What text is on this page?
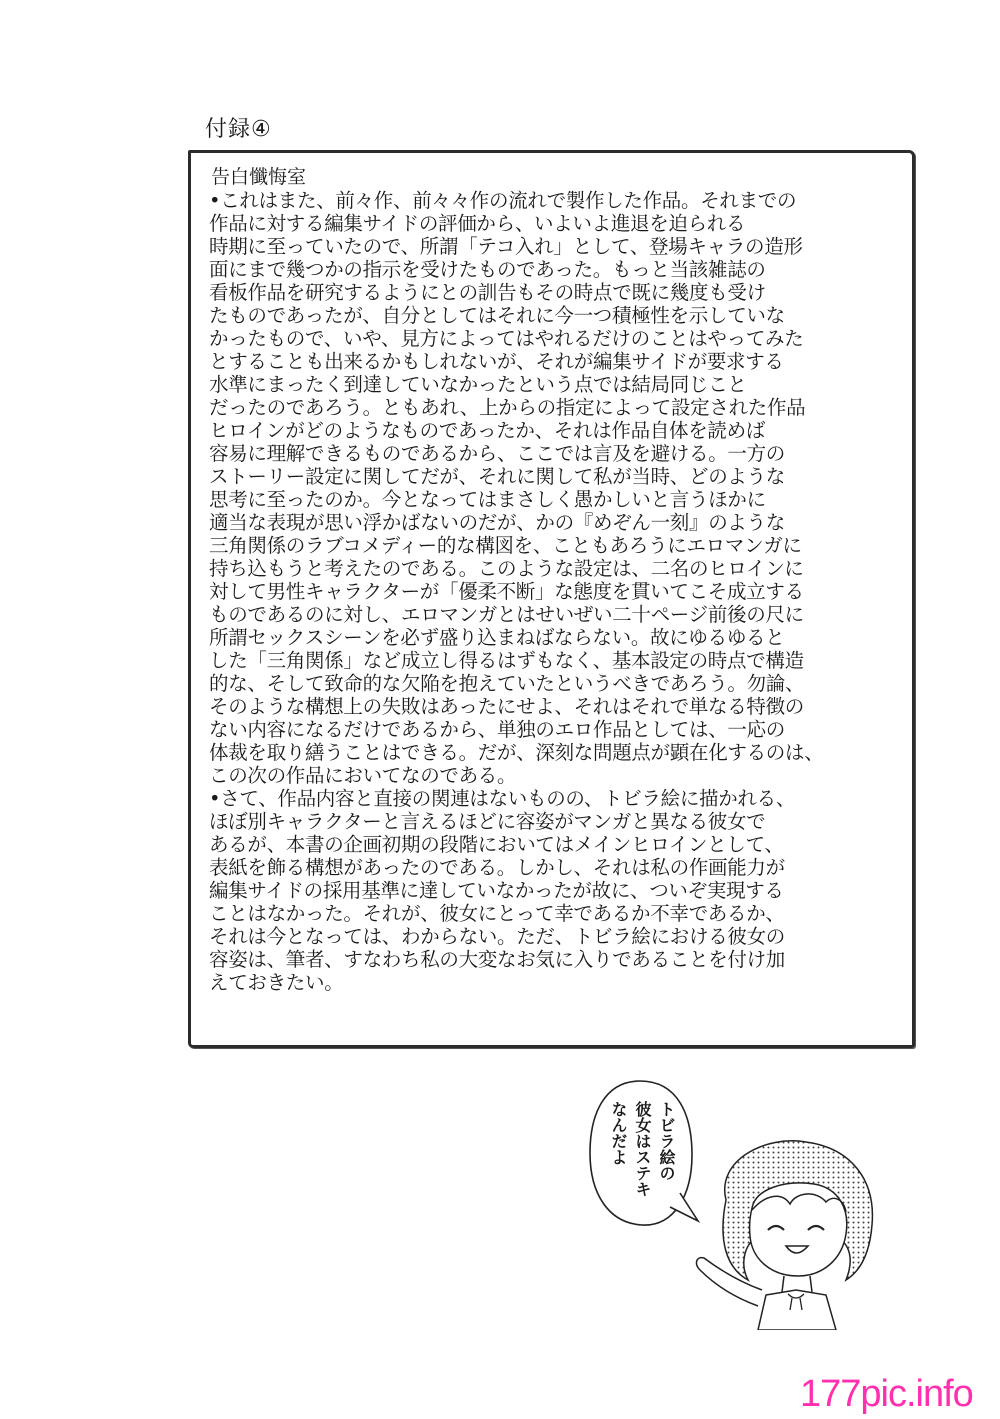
付録④
告白懺悔室
•これはまた、前々作、前々々作の流れで製作した作品。それまでの
作品に対する編集サイドの評価から、いよいよ進退を迫られる
時期に至っていたので、所謂「テコ入れ」として、登場キャラの造形
面にまで幾つかの指示を受けたものであった。もっと当該雑誌の
看板作品を研究するようにとの訓告もその時点で既に幾度も受け
たものであったが、自分としてはそれに今一つ積極性を示していな
かったもので、いや、見方によってはやれるだけのことはやってみた
とすることも出来るかもしれないが、それが編集サイドが要求する
水準にまったく到達していなかったという点では結局同じこと
だったのであろう。ともあれ、上からの指定によって設定された作品
ヒロインがどのようなものであったか、それは作品自体を読めば
容易に理解できるものであるから、ここでは言及を避ける。一方の
ストーリー設定に関してだが、それに関して私が当時、どのような
思考に至ったのか。今となってはまさしく愚かしいと言うほかに
適当な表現が思い浮かばないのだが、かの『めぞん一刻』のような
三角関係のラブコメディー的な構図を、こともあろうにエロマンガに
持ち込もうと考えたのである。このような設定は、二名のヒロインに
対して男性キャラクターが「優柔不断」な態度を貫いてこそ成立する
ものであるのに対し、エロマンガとはせいぜい二十ページ前後の尺に
所謂セックスシーンを必ず盛り込まねばならない。故にゆるゆると
した「三角関係」など成立し得るはずもなく、基本設定の時点で構造
的な、そして致命的な欠陥を抱えていたというべきであろう。勿論、
そのような構想上の失敗はあったにせよ、それはそれで単なる特徴の
ない内容になるだけであるから、単独のエロ作品としては、一応の
体裁を取り繕うことはできる。だが、深刻な問題点が顕在化するのは、
この次の作品においてなのである。
•さて、作品内容と直接の関連はないものの、トビラ絵に描かれる、
ほぼ別キャラクターと言えるほどに容姿がマンガと異なる彼女で
あるが、本書の企画初期の段階においてはメインヒロインとして、
表紙を飾る構想があったのである。しかし、それは私の作画能力が
編集サイドの採用基準に達していなかったが故に、ついぞ実現する
ことはなかった。それが、彼女にとって幸であるか不幸であるか、
それは今となっては、わからない。ただ、トビラ絵における彼女の
容姿は、筆者、すなわち私の大変なお気に入りであることを付け加
えておきたい。
トビラ絵の
彼女はステキ
なんだよ
177pic.info
